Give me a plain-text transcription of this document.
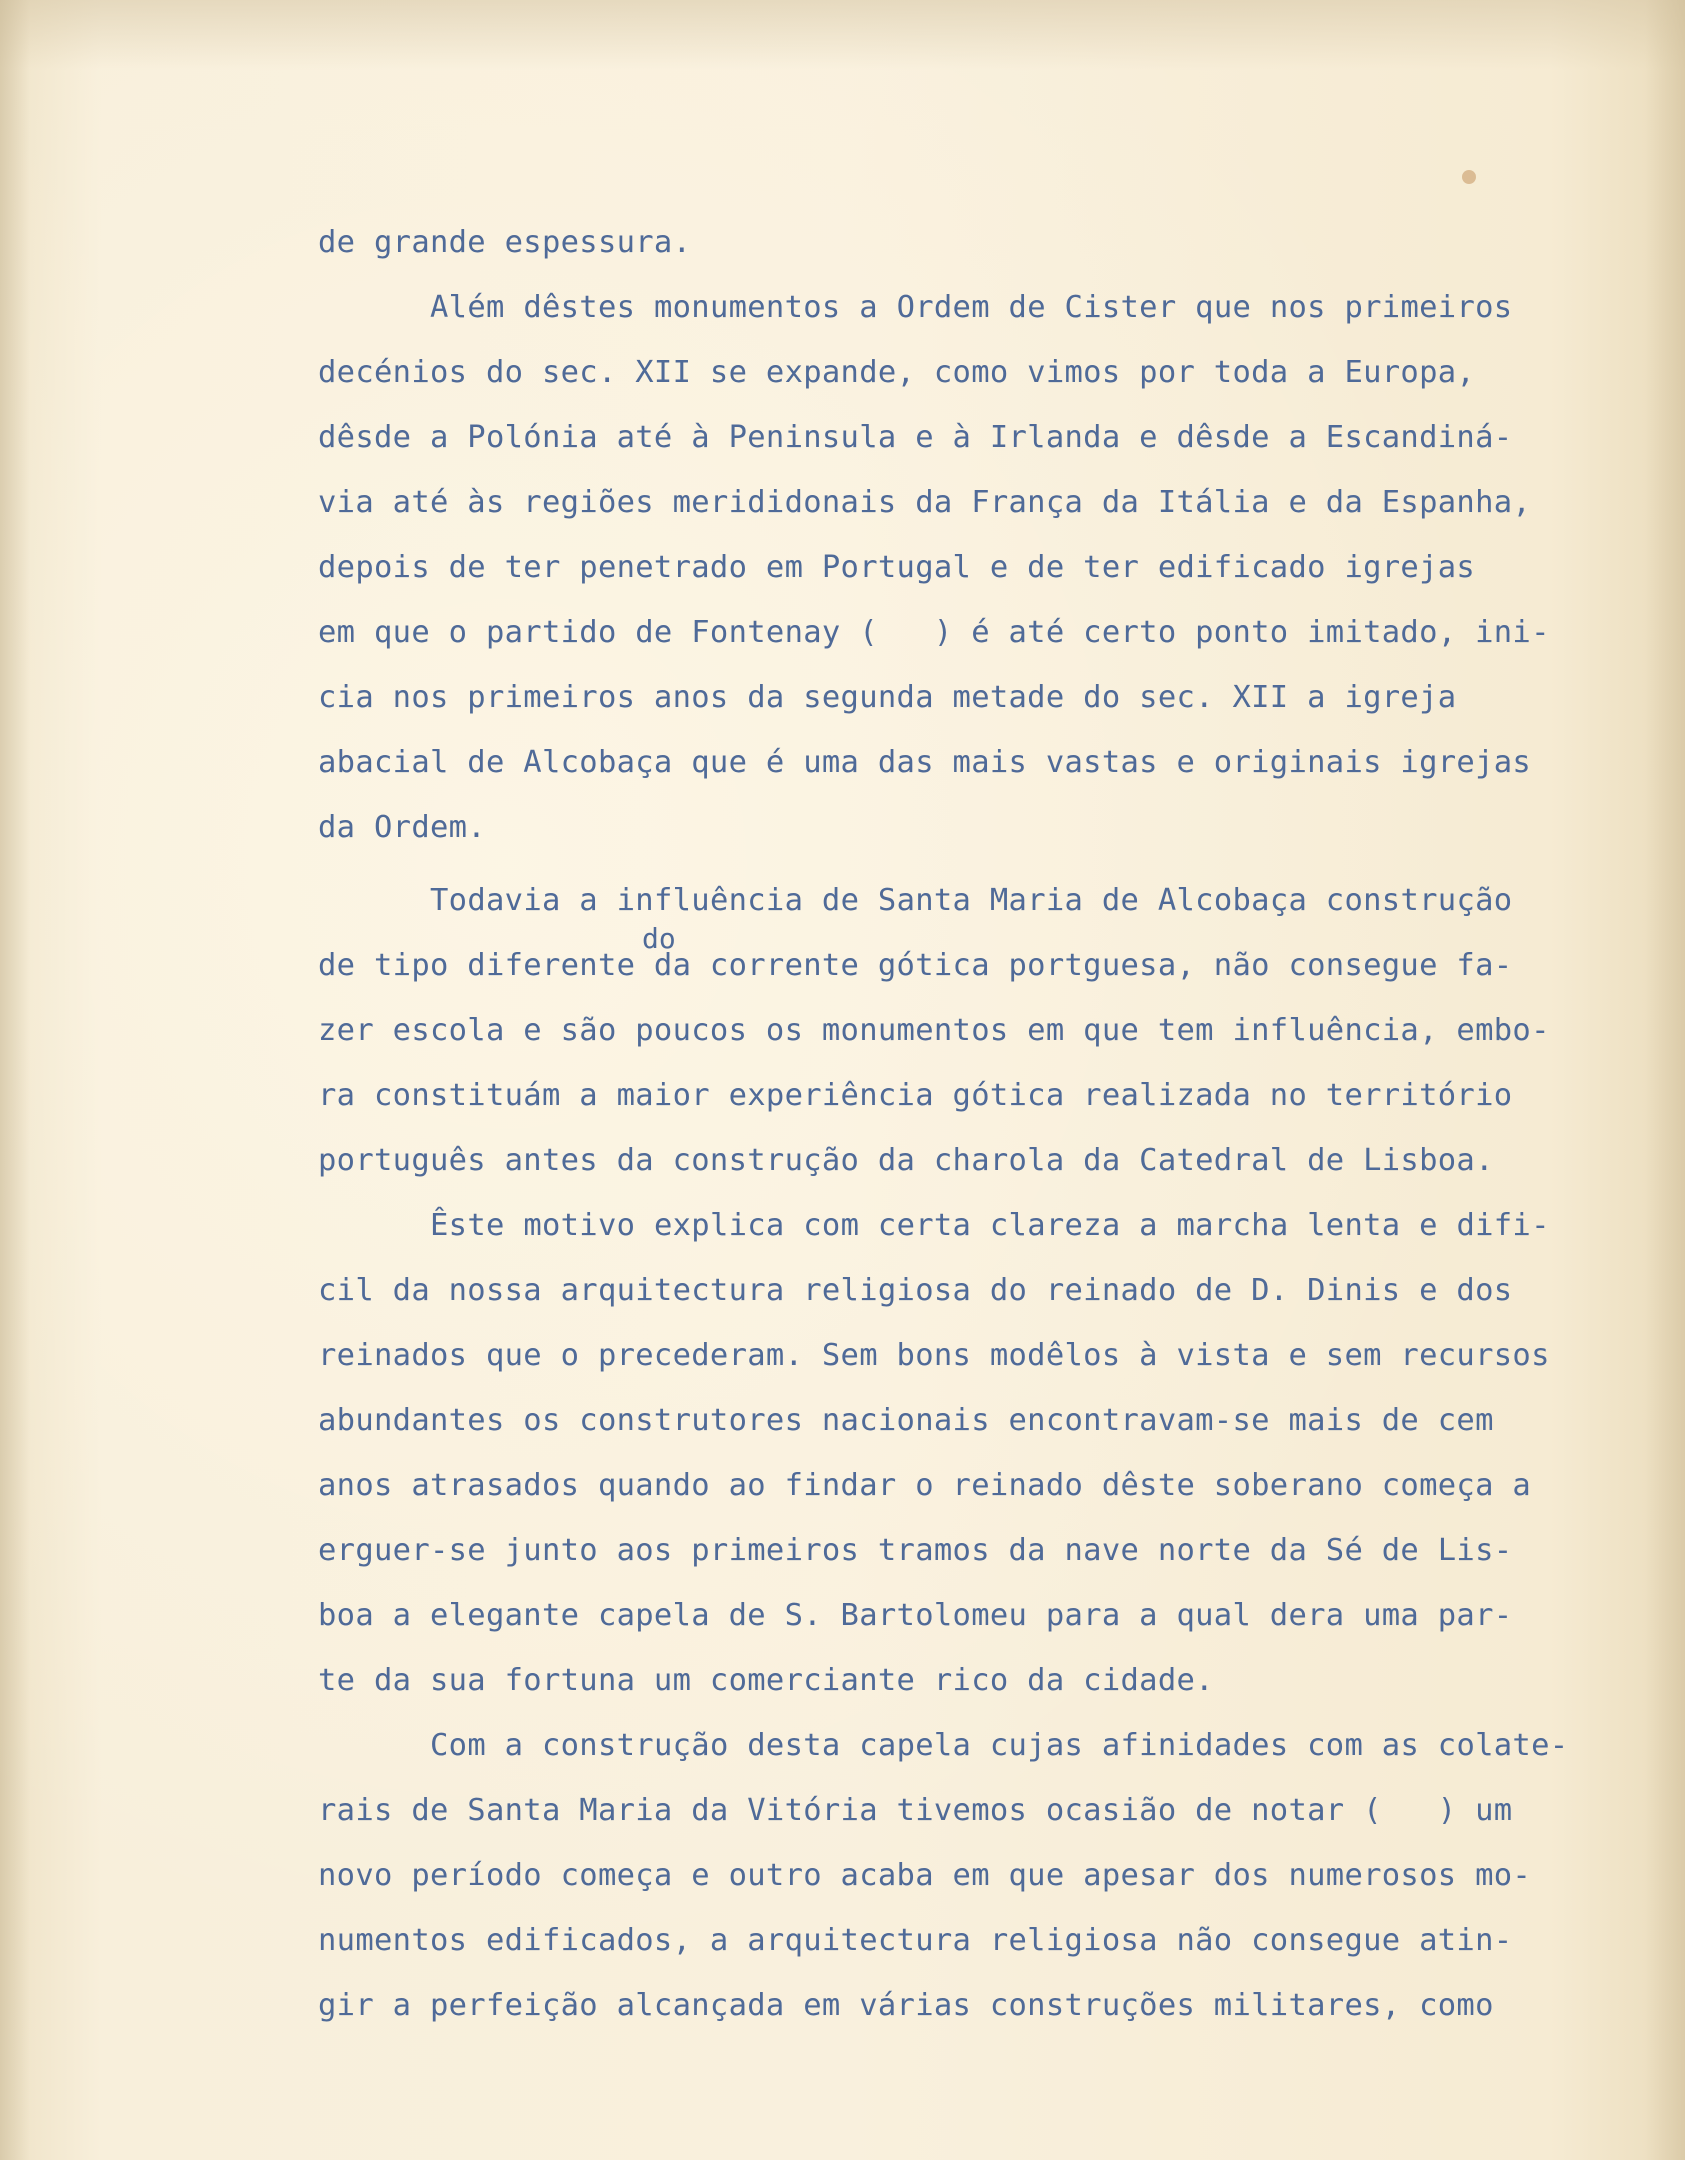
de grande espessura.
Além dêstes monumentos a Ordem de Cister que nos primeiros
decénios do sec. XII se expande, como vimos por toda a Europa,
dêsde a Polónia até à Peninsula e à Irlanda e dêsde a Escandiná-
via até às regiões merididonais da França da Itália e da Espanha,
depois de ter penetrado em Portugal e de ter edificado igrejas
em que o partido de Fontenay (   ) é até certo ponto imitado, ini-
cia nos primeiros anos da segunda metade do sec. XII a igreja
abacial de Alcobaça que é uma das mais vastas e originais igrejas
da Ordem.
Todavia a influência de Santa Maria de Alcobaça construção
de tipo diferente da corrente gótica portguesa, não consegue fa-
zer escola e são poucos os monumentos em que tem influência, embo-
ra constituám a maior experiência gótica realizada no território
português antes da construção da charola da Catedral de Lisboa.
Êste motivo explica com certa clareza a marcha lenta e difi-
cil da nossa arquitectura religiosa do reinado de D. Dinis e dos
reinados que o precederam. Sem bons modêlos à vista e sem recursos
abundantes os construtores nacionais encontravam-se mais de cem
anos atrasados quando ao findar o reinado dêste soberano começa a
erguer-se junto aos primeiros tramos da nave norte da Sé de Lis-
boa a elegante capela de S. Bartolomeu para a qual dera uma par-
te da sua fortuna um comerciante rico da cidade.
Com a construção desta capela cujas afinidades com as colate-
rais de Santa Maria da Vitória tivemos ocasião de notar (   ) um
novo período começa e outro acaba em que apesar dos numerosos mo-
numentos edificados, a arquitectura religiosa não consegue atin-
gir a perfeição alcançada em várias construções militares, como
do
